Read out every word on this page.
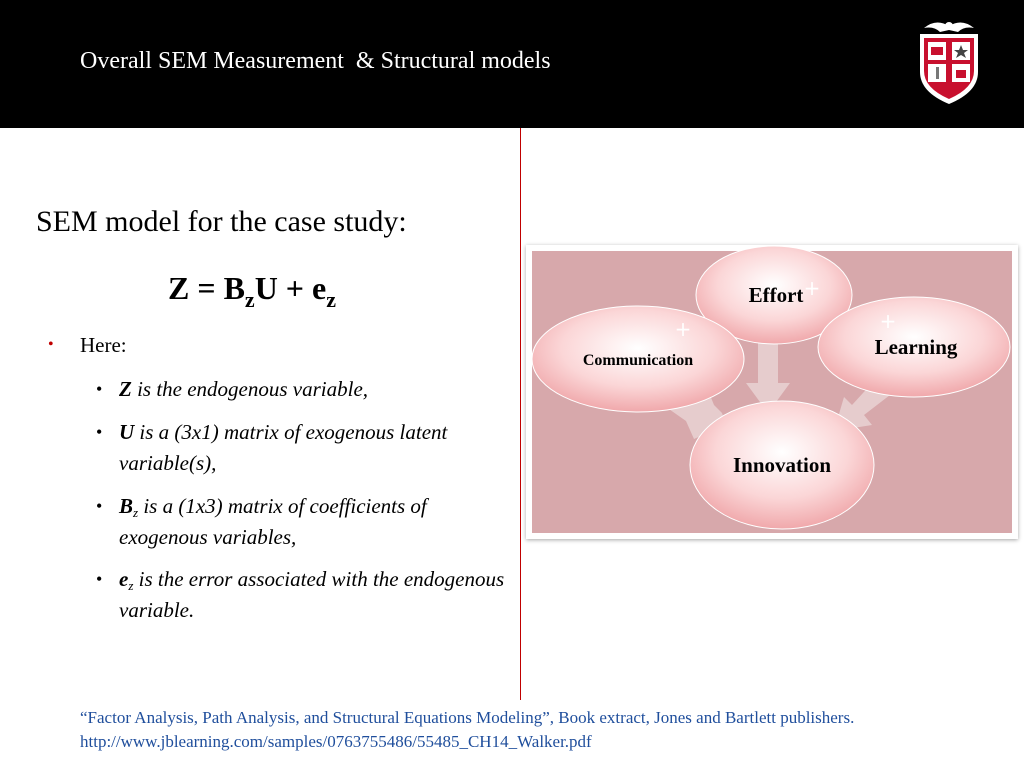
Overall SEM Measurement  & Structural models
SEM model for the case study:
$Z = B_zU + e_z$
• Here:
• Z is the endogenous variable,
• U is a (3x1) matrix of exogenous latent variable(s),
• $B_z$ is a (1x3) matrix of coefficients of exogenous variables,
• $e_z$ is the error associated with the endogenous variable.
Effort
Communication
Learning
Innovation
+
+	+
“Factor Analysis, Path Analysis, and Structural Equations Modeling”, Book extract, Jones and Bartlett publishers.
http://www.jblearning.com/samples/0763755486/55485_CH14_Walker.pdf
